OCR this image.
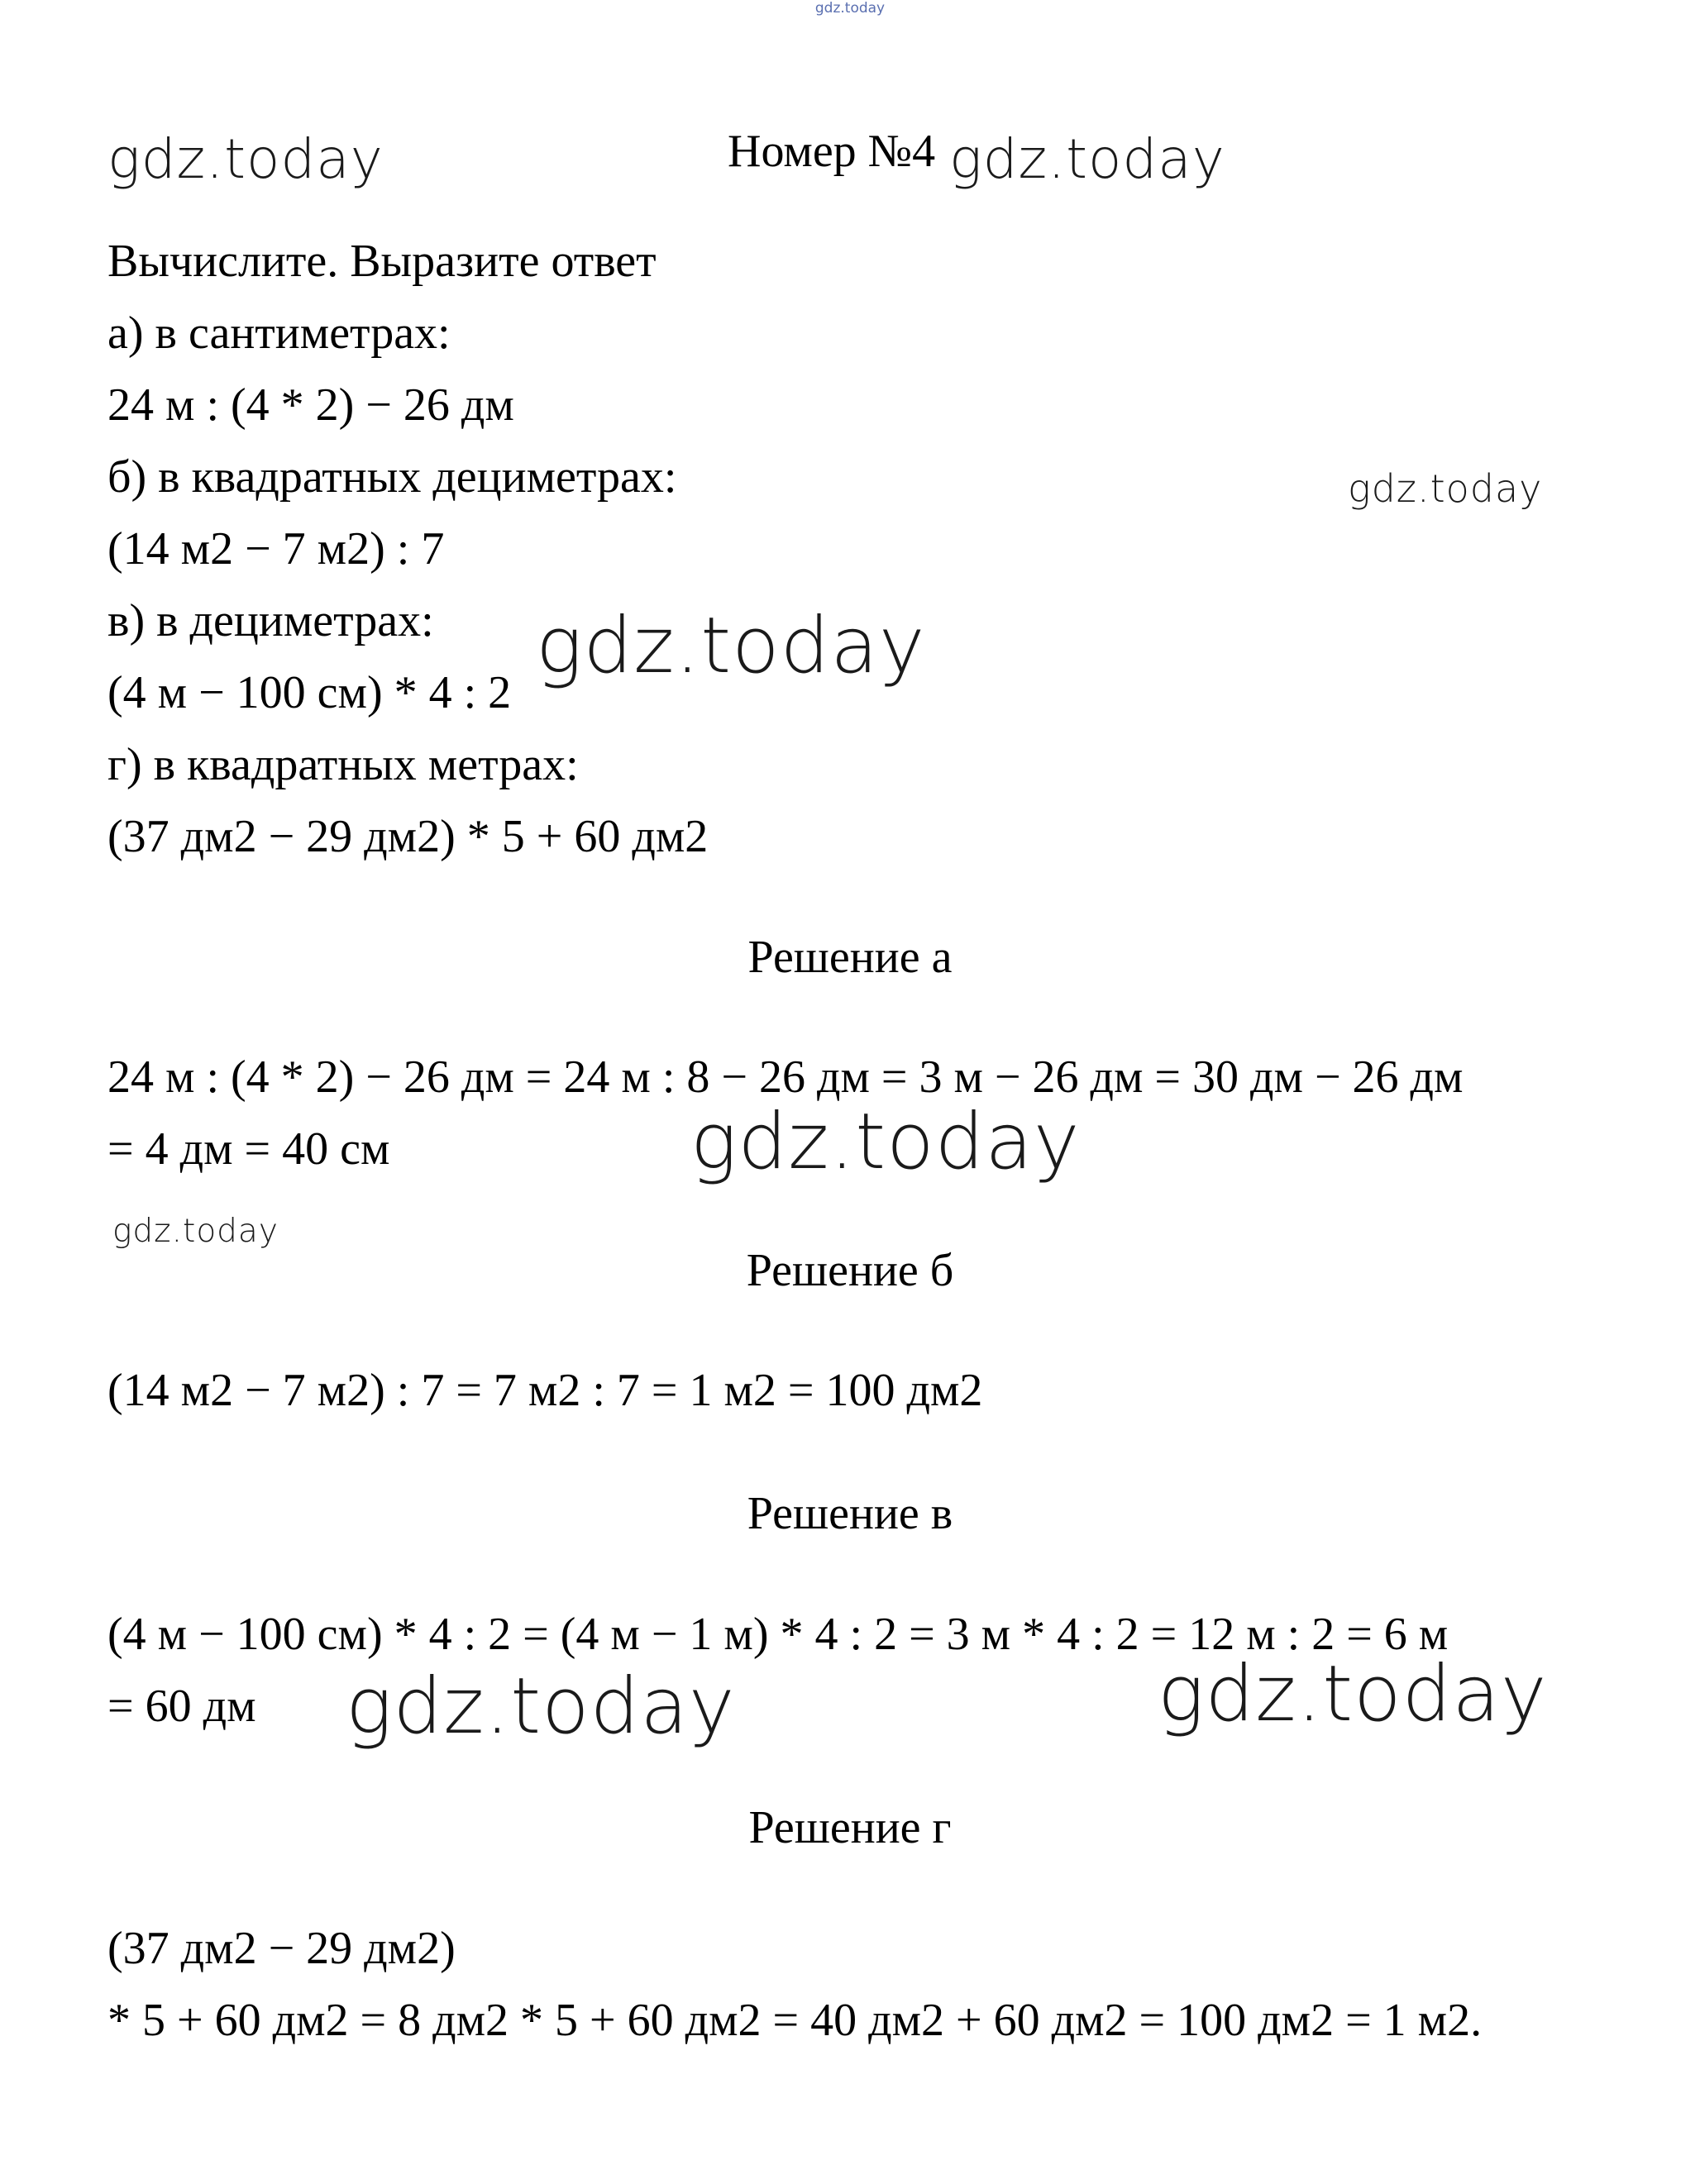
gdz.today
Номер №4
Вычислите. Выразите ответ
а) в сантиметрах:
24 м : (4 * 2) − 26 дм
б) в квадратных дециметрах:
(14 м2 − 7 м2) : 7
в) в дециметрах:
(4 м − 100 см) * 4 : 2
г) в квадратных метрах:
(37 дм2 − 29 дм2) * 5 + 60 дм2
Решение а
24 м : (4 * 2) − 26 дм = 24 м : 8 − 26 дм = 3 м − 26 дм = 30 дм − 26 дм
= 4 дм = 40 см
Решение б
(14 м2 − 7 м2) : 7 = 7 м2 : 7 = 1 м2 = 100 дм2
Решение в
(4 м − 100 см) * 4 : 2 = (4 м − 1 м) * 4 : 2 = 3 м * 4 : 2 = 12 м : 2 = 6 м
= 60 дм
Решение г
(37 дм2 − 29 дм2)
* 5 + 60 дм2 = 8 дм2 * 5 + 60 дм2 = 40 дм2 + 60 дм2 = 100 дм2 = 1 м2.
gdz.today	gdz.today
gdz.today
gdz.today
gdz.today
gdz.today
gdz.today	gdz.today
